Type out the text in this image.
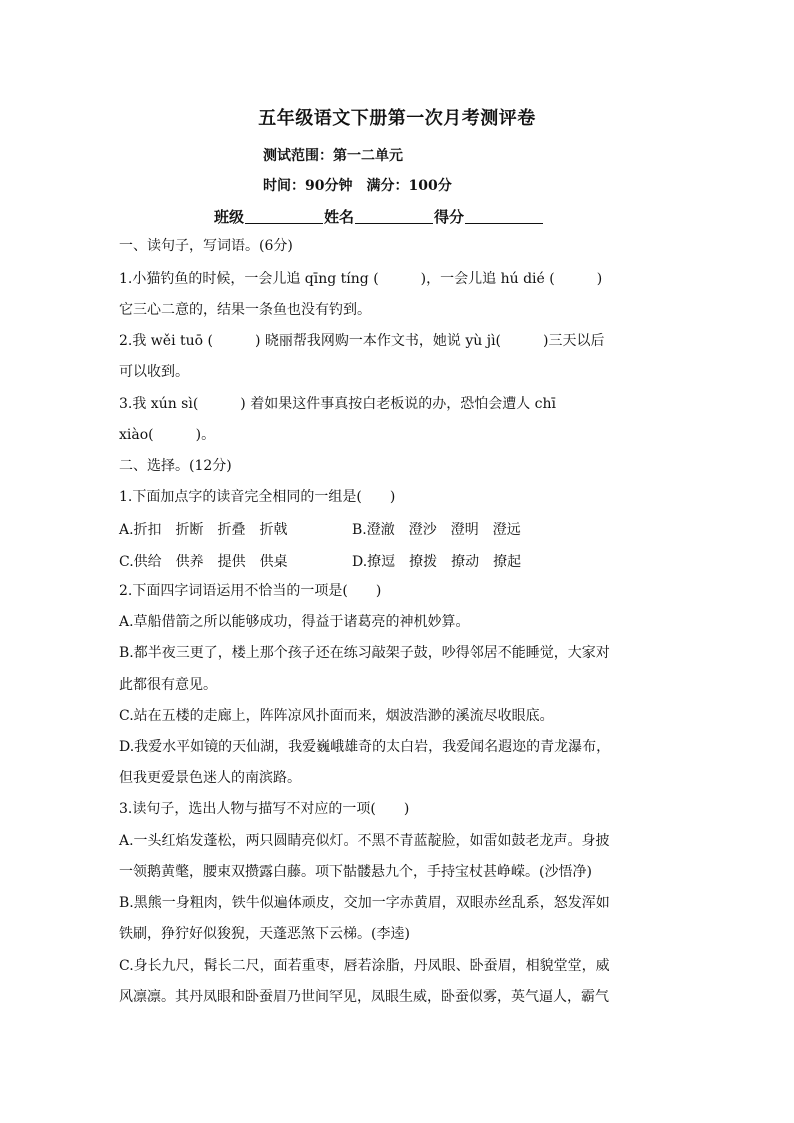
五年级语文下册第一次月考测评卷
测试范围：第一二单元
时间：90分钟　满分：100分
班级	姓名	得分
一、读句子，写词语。(6分)
1.小猫钓鱼的时候，一会儿追 qīng tíng (　　　)，一会儿追 hú dié (　　　)
它三心二意的，结果一条鱼也没有钓到。
2.我 wěi tuō (　　　) 晓丽帮我网购一本作文书，她说 yù jì(　　　)三天以后
可以收到。
3.我 xún sì(　　　) 着如果这件事真按白老板说的办，恐怕会遭人 chī
xiào(　　　)。
二、选择。(12分)
1.下面加点字的读音完全相同的一组是(　　)
A.折扣　折断　折叠　折戟	B.澄澈　澄沙　澄明　澄远
C.供给　供养　提供　供桌	D.撩逗　撩拨　撩动　撩起
2.下面四字词语运用不恰当的一项是(　　)
A.草船借箭之所以能够成功，得益于诸葛亮的神机妙算。
B.都半夜三更了，楼上那个孩子还在练习敲架子鼓，吵得邻居不能睡觉，大家对
此都很有意见。
C.站在五楼的走廊上，阵阵凉风扑面而来，烟波浩渺的溪流尽收眼底。
D.我爱水平如镜的天仙湖，我爱巍峨雄奇的太白岩，我爱闻名遐迩的青龙瀑布，
但我更爱景色迷人的南滨路。
3.读句子，选出人物与描写不对应的一项(　　)
A.一头红焰发蓬松，两只圆睛亮似灯。不黑不青蓝靛脸，如雷如鼓老龙声。身披
一领鹅黄氅，腰束双攒露白藤。项下骷髅悬九个，手持宝杖甚峥嵘。(沙悟净)
B.黑熊一身粗肉，铁牛似遍体顽皮，交加一字赤黄眉，双眼赤丝乱系，怒发浑如
铁刷，狰狞好似狻猊，天蓬恶煞下云梯。(李逵)
C.身长九尺，髯长二尺，面若重枣，唇若涂脂，丹凤眼、卧蚕眉，相貌堂堂，威
风凛凛。其丹凤眼和卧蚕眉乃世间罕见，凤眼生威，卧蚕似雾，英气逼人，霸气
